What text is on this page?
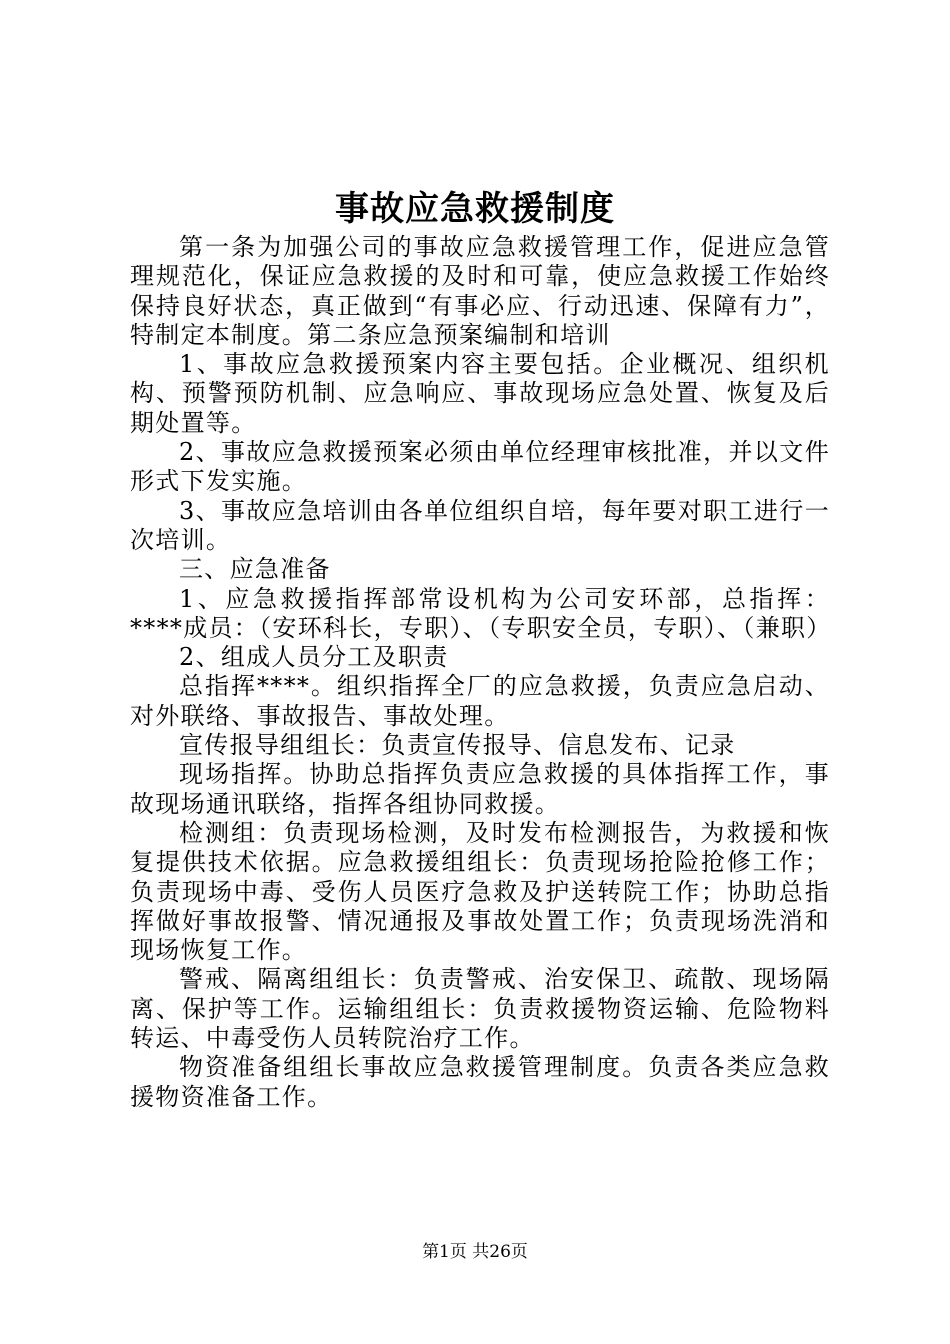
事故应急救援制度

第一条为加强公司的事故应急救援管理工作，促进应急管理规范化，保证应急救援的及时和可靠，使应急救援工作始终保持良好状态，真正做到“有事必应、行动迅速、保障有力”，特制定本制度。第二条应急预案编制和培训

1、事故应急救援预案内容主要包括。企业概况、组织机构、预警预防机制、应急响应、事故现场应急处置、恢复及后期处置等。

2、事故应急救援预案必须由单位经理审核批准，并以文件形式下发实施。

3、事故应急培训由各单位组织自培，每年要对职工进行一次培训。

三、应急准备

1、应急救援指挥部常设机构为公司安环部，总指挥：****成员：（安环科长，专职）、（专职安全员，专职）、（兼职）

2、组成人员分工及职责

总指挥****。组织指挥全厂的应急救援，负责应急启动、对外联络、事故报告、事故处理。

宣传报导组组长：负责宣传报导、信息发布、记录

现场指挥。协助总指挥负责应急救援的具体指挥工作，事故现场通讯联络，指挥各组协同救援。

检测组：负责现场检测，及时发布检测报告，为救援和恢复提供技术依据。应急救援组组长：负责现场抢险抢修工作；负责现场中毒、受伤人员医疗急救及护送转院工作；协助总指挥做好事故报警、情况通报及事故处置工作；负责现场洗消和现场恢复工作。

警戒、隔离组组长：负责警戒、治安保卫、疏散、现场隔离、保护等工作。运输组组长：负责救援物资运输、危险物料转运、中毒受伤人员转院治疗工作。

物资准备组组长事故应急救援管理制度。负责各类应急救援物资准备工作。

第1页 共26页
